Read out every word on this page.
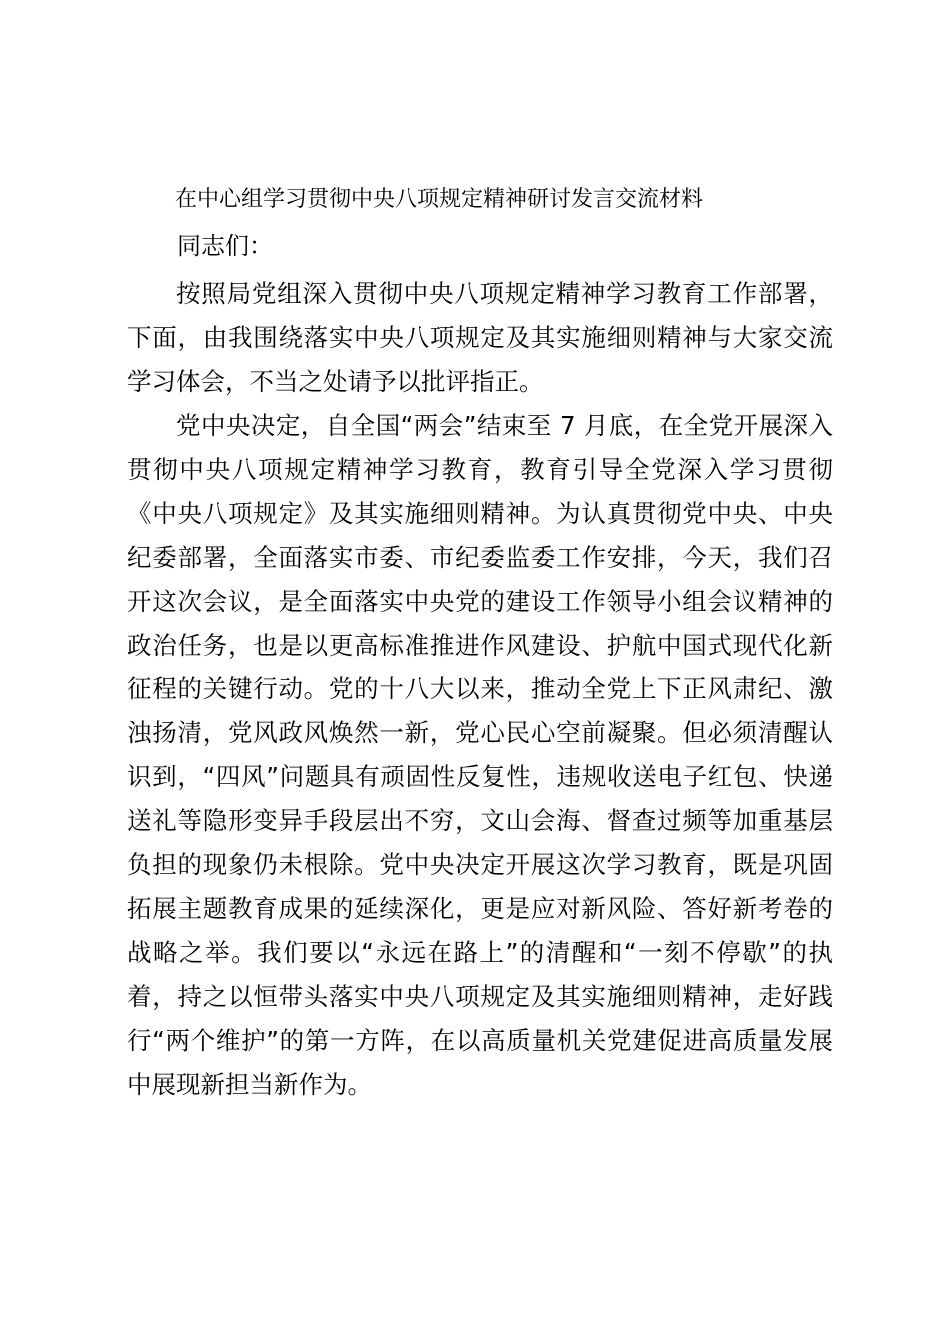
在中心组学习贯彻中央八项规定精神研讨发言交流材料

同志们：

按照局党组深入贯彻中央八项规定精神学习教育工作部署，下面，由我围绕落实中央八项规定及其实施细则精神与大家交流学习体会，不当之处请予以批评指正。

党中央决定，自全国“两会”结束至 7 月底，在全党开展深入贯彻中央八项规定精神学习教育，教育引导全党深入学习贯彻《中央八项规定》及其实施细则精神。为认真贯彻党中央、中央纪委部署，全面落实市委、市纪委监委工作安排，今天，我们召开这次会议，是全面落实中央党的建设工作领导小组会议精神的政治任务，也是以更高标准推进作风建设、护航中国式现代化新征程的关键行动。党的十八大以来，推动全党上下正风肃纪、激浊扬清，党风政风焕然一新，党心民心空前凝聚。但必须清醒认识到，“四风”问题具有顽固性反复性，违规收送电子红包、快递送礼等隐形变异手段层出不穷，文山会海、督查过频等加重基层负担的现象仍未根除。党中央决定开展这次学习教育，既是巩固拓展主题教育成果的延续深化，更是应对新风险、答好新考卷的战略之举。我们要以“永远在路上”的清醒和“一刻不停歇”的执着，持之以恒带头落实中央八项规定及其实施细则精神，走好践行“两个维护”的第一方阵，在以高质量机关党建促进高质量发展中展现新担当新作为。
